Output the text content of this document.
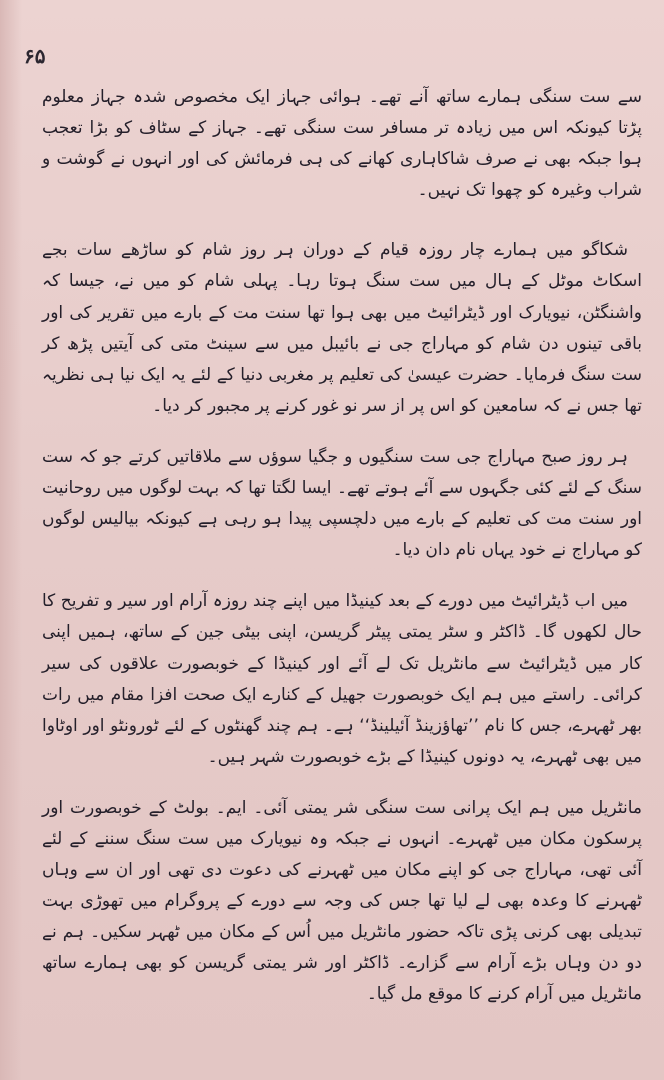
۶۵

سے ست سنگی ہمارے ساتھ آنے تھے۔ ہوائی جہاز ایک مخصوص شدہ جہاز معلوم پڑتا کیونکہ اس میں زیادہ تر مسافر ست سنگی تھے۔ جہاز کے سٹاف کو بڑا تعجب ہوا جبکہ بھی نے صرف شاکاہاری کھانے کی ہی فرمائش کی اور انہوں نے گوشت و شراب وغیرہ کو چھوا تک نہیں۔

شکاگو میں ہمارے چار روزہ قیام کے دوران ہر روز شام کو ساڑھے سات بجے اسکاٹ موٹل کے ہال میں ست سنگ ہوتا رہا۔ پہلی شام کو میں نے، جیسا کہ واشنگٹن، نیویارک اور ڈیٹرائیٹ میں بھی ہوا تھا سنت مت کے بارے میں تقریر کی اور باقی تینوں دن شام کو مہاراج جی نے بائیبل میں سے سینٹ متی کی آیتیں پڑھ کر ست سنگ فرمایا۔ حضرت عیسیٰ کی تعلیم پر مغربی دنیا کے لئے یہ ایک نیا ہی نظریہ تھا جس نے کہ سامعین کو اس پر از سر نو غور کرنے پر مجبور کر دیا۔

ہر روز صبح مہاراج جی ست سنگیوں و جگیا سوؤں سے ملاقاتیں کرتے جو کہ ست سنگ کے لئے کئی جگہوں سے آئے ہوتے تھے۔ ایسا لگتا تھا کہ بہت لوگوں میں روحانیت اور سنت مت کی تعلیم کے بارے میں دلچسپی پیدا ہو رہی ہے کیونکہ بیالیس لوگوں کو مہاراج نے خود یہاں نام دان دیا۔

میں اب ڈیٹرائیٹ میں دورے کے بعد کینیڈا میں اپنے چند روزہ آرام اور سیر و تفریح کا حال لکھوں گا۔ ڈاکٹر و سٹر یمتی پیٹر گریسن، اپنی بیٹی جین کے ساتھ، ہمیں اپنی کار میں ڈیٹرائیٹ سے مانٹریل تک لے آئے اور کینیڈا کے خوبصورت علاقوں کی سیر کرائی۔ راستے میں ہم ایک خوبصورت جھیل کے کنارے ایک صحت افزا مقام میں رات بھر ٹھہرے، جس کا نام ’’تھاؤزینڈ آئیلینڈ‘‘ ہے۔ ہم چند گھنٹوں کے لئے ٹورونٹو اور اوٹاوا میں بھی ٹھہرے، یہ دونوں کینیڈا کے بڑے خوبصورت شہر ہیں۔

مانٹریل میں ہم ایک پرانی ست سنگی شر یمتی آئی۔ ایم۔ بولٹ کے خوبصورت اور پرسکون مکان میں ٹھہرے۔ انہوں نے جبکہ وہ نیویارک میں ست سنگ سننے کے لئے آئی تھی، مہاراج جی کو اپنے مکان میں ٹھہرنے کی دعوت دی تھی اور ان سے وہاں ٹھہرنے کا وعدہ بھی لے لیا تھا جس کی وجہ سے دورے کے پروگرام میں تھوڑی بہت تبدیلی بھی کرنی پڑی تاکہ حضور مانٹریل میں اُس کے مکان میں ٹھہر سکیں۔ ہم نے دو دن وہاں بڑے آرام سے گزارے۔ ڈاکٹر اور شر یمتی گریسن کو بھی ہمارے ساتھ مانٹریل میں آرام کرنے کا موقع مل گیا۔
